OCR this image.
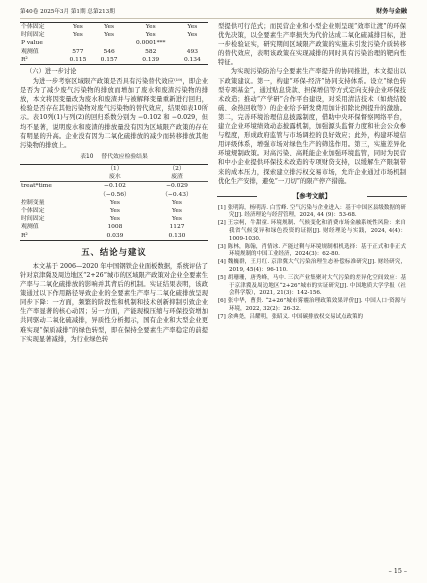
第40卷 2025年3月 第1期 总第213期	财务与金融
个体固定	Yes	Yes	Yes	Yes
时间固定	Yes	Yes	Yes	Yes
P value			0.0001***	
观测值	577	546	582	493
R²	0.115	0.157	0.139	0.134
（六）进一步讨论

为进一步考察区域限产政策是否具有污染替代效应⁽¹⁹⁾，即企业是否为了减少废气污染物的排放而增加了废水和废渣污染物的排放，本文将因变量改为废水和废渣并与被解释变量重新进行回归，检验是否存在其他污染物对废气污染物的替代效应，结果如表10所示。表10列(1)与列(2)的回归系数分别为 −0.102 和 −0.029，但均不显著，说明废水和废渣的排放量没有因为区域限产政策的存在有明显的升高。企业没有因为二氧化硫排放的减少而转移排放其他污染物的排放上。

表10 替代效应检验结果
	（1）	（2）
	废水	废渣
treat*time	−0.102	−0.029
	（−0.56）	（−0.43）
控制变量	Yes	Yes
个体固定	Yes	Yes
时间固定	Yes	Yes
观测值	1008	1127
R²	0.039	0.130
五、结论与建议

本文基于 2006—2020 年中国钢铁企业面板数据，系统评估了针对京津冀及周边地区“2+26”城市的区域限产政策对企业全要素生产率与二氧化硫排放的影响并其背后的机制。实证结果表明，该政策通过以下作用路径导致企业的全要素生产率与二氧化硫排放呈现同步下降：一方面，频繁的阶段性和机制和技术创新抑制引致企业生产率显著的核心动因；另一方面，产能现模压缩与环保投资增加共同驱动二氧化硫减排，异质性分析揭示，国有企业和大型企业更难实现“保质减排”的绿色转型，即在保持全要素生产率稳定的前提下实现显著减排，为行业绿色转

型提供可行范式；而民营企业和小型企业则呈现“效率让渡”的环保优先决策，以全要素生产率损失为代价达成二氧化硫减排目标，进一步检验证实，研究期间区域限产政策的实施未引发污染介质转移的替代效应，表明该政策在实现减排的同时具有污染治理的靶向性特征。

为实现污染防治与全要素生产率提升的协同推进，本文提出以下政策建议。第一，构建“环保-经济”协同支持体系。设立“绿色转型专项基金”，通过贴息贷款、担保增信等方式定向支持企业环保技术改造；推动“产学研”合作平台建设，对采用清洁技术（如烧结脱硫、余热回收等）的企业给予研发费用加计扣除比例提升的激励。第二，完善环境治理信息披露制度，借助中央环保督察网络平台，建立企业环境绩效动态披露机制，加强源头监督力度和社会公众参与程度，形成政府监管与市场调控的良好效应；此外，构建环境信用评级体系，增强市场对绿色生产的筛选作用。第三，实施差异化环境规制政策。对高污染、高耗能企业加强环境监管，同时为民营和中小企业提供环保技术改造的专项财贷支持，以缓解生产限制带来的成本压力，探索建立排污权交易市场，允许企业通过市场机制优化生产安排，避免“一刀切”的限产停产措施。

【参考文献】

[1] 张明海，杨明涛. 白雪峰. 空气污染与企业进入：基于中国区县级数据的研究[J]. 经济理论与经营管理，2024, 44 (9)：53-68.

[2] 王宗柯，牛甜童. 环境规制、气候变化和消费市场金融系统性风险：来自我省气候变异和绿色投资的证据[J]. 财经理论与实践，2024, 4(4)：1009-1030.

[3] 陈林，陈翰，肖情冰. 产能过剩与环境规制相机选择：基于正式和非正式环境规制的中国工业经济，2024(3)：62-80.

[4] 魏巍群，王月红. 京津冀大气污染治理生态补偿标准研究[J]. 财经研究，2019, 45(4)：96-110.

[5] 胡珊珊，唐秀峰，马中. 三次产业集聚对大气污染的差异化空间效应：基于京津冀及周边地区“2+26”城市的实证研究[J]. 中国地质大学学报（社会科学版），2021, 21(3)：142-156.

[6] 张中华，曹贵. “2+26”城市雾霾治理政策效果评价[J]. 中国人口·资源与环境，2022, 32(2)：26-32.

[7] 余典尧，吕耀明，张昭义. 中国碳排放权交易试点政策的

– 15 –
